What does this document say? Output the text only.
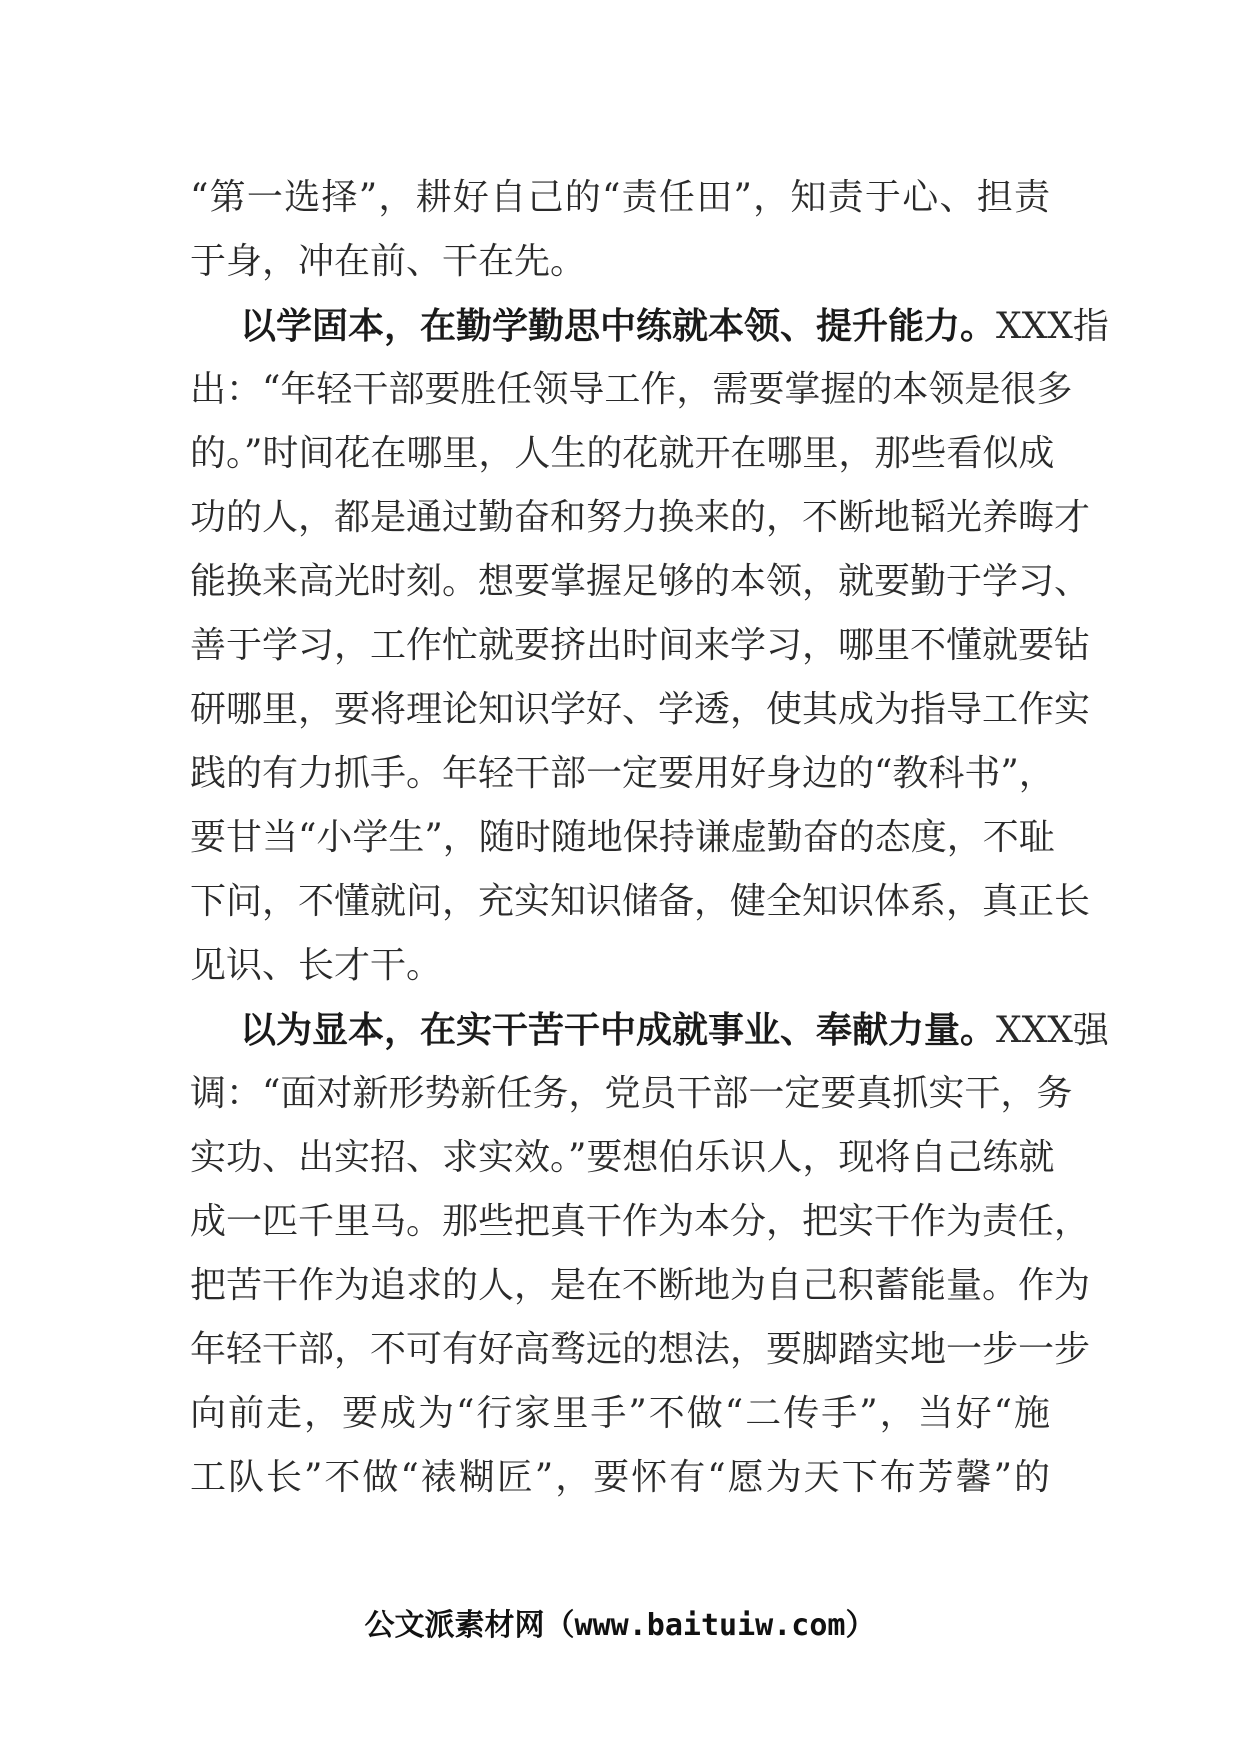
“第一选择”，耕好自己的“责任田”，知责于心、担责
于身，冲在前、干在先。
以学固本，在勤学勤思中练就本领、提升能力。XXX指
出：“年轻干部要胜任领导工作，需要掌握的本领是很多
的。”时间花在哪里，人生的花就开在哪里，那些看似成
功的人，都是通过勤奋和努力换来的，不断地韬光养晦才
能换来高光时刻。想要掌握足够的本领，就要勤于学习、
善于学习，工作忙就要挤出时间来学习，哪里不懂就要钻
研哪里，要将理论知识学好、学透，使其成为指导工作实
践的有力抓手。年轻干部一定要用好身边的“教科书”，
要甘当“小学生”，随时随地保持谦虚勤奋的态度，不耻
下问，不懂就问，充实知识储备，健全知识体系，真正长
见识、长才干。
以为显本，在实干苦干中成就事业、奉献力量。XXX强
调：“面对新形势新任务，党员干部一定要真抓实干，务
实功、出实招、求实效。”要想伯乐识人，现将自己练就
成一匹千里马。那些把真干作为本分，把实干作为责任，
把苦干作为追求的人，是在不断地为自己积蓄能量。作为
年轻干部，不可有好高骛远的想法，要脚踏实地一步一步
向前走，要成为“行家里手”不做“二传手”，当好“施
工队长”不做“裱糊匠”，要怀有“愿为天下布芳馨”的
公文派素材网（www.baituiw.com）
